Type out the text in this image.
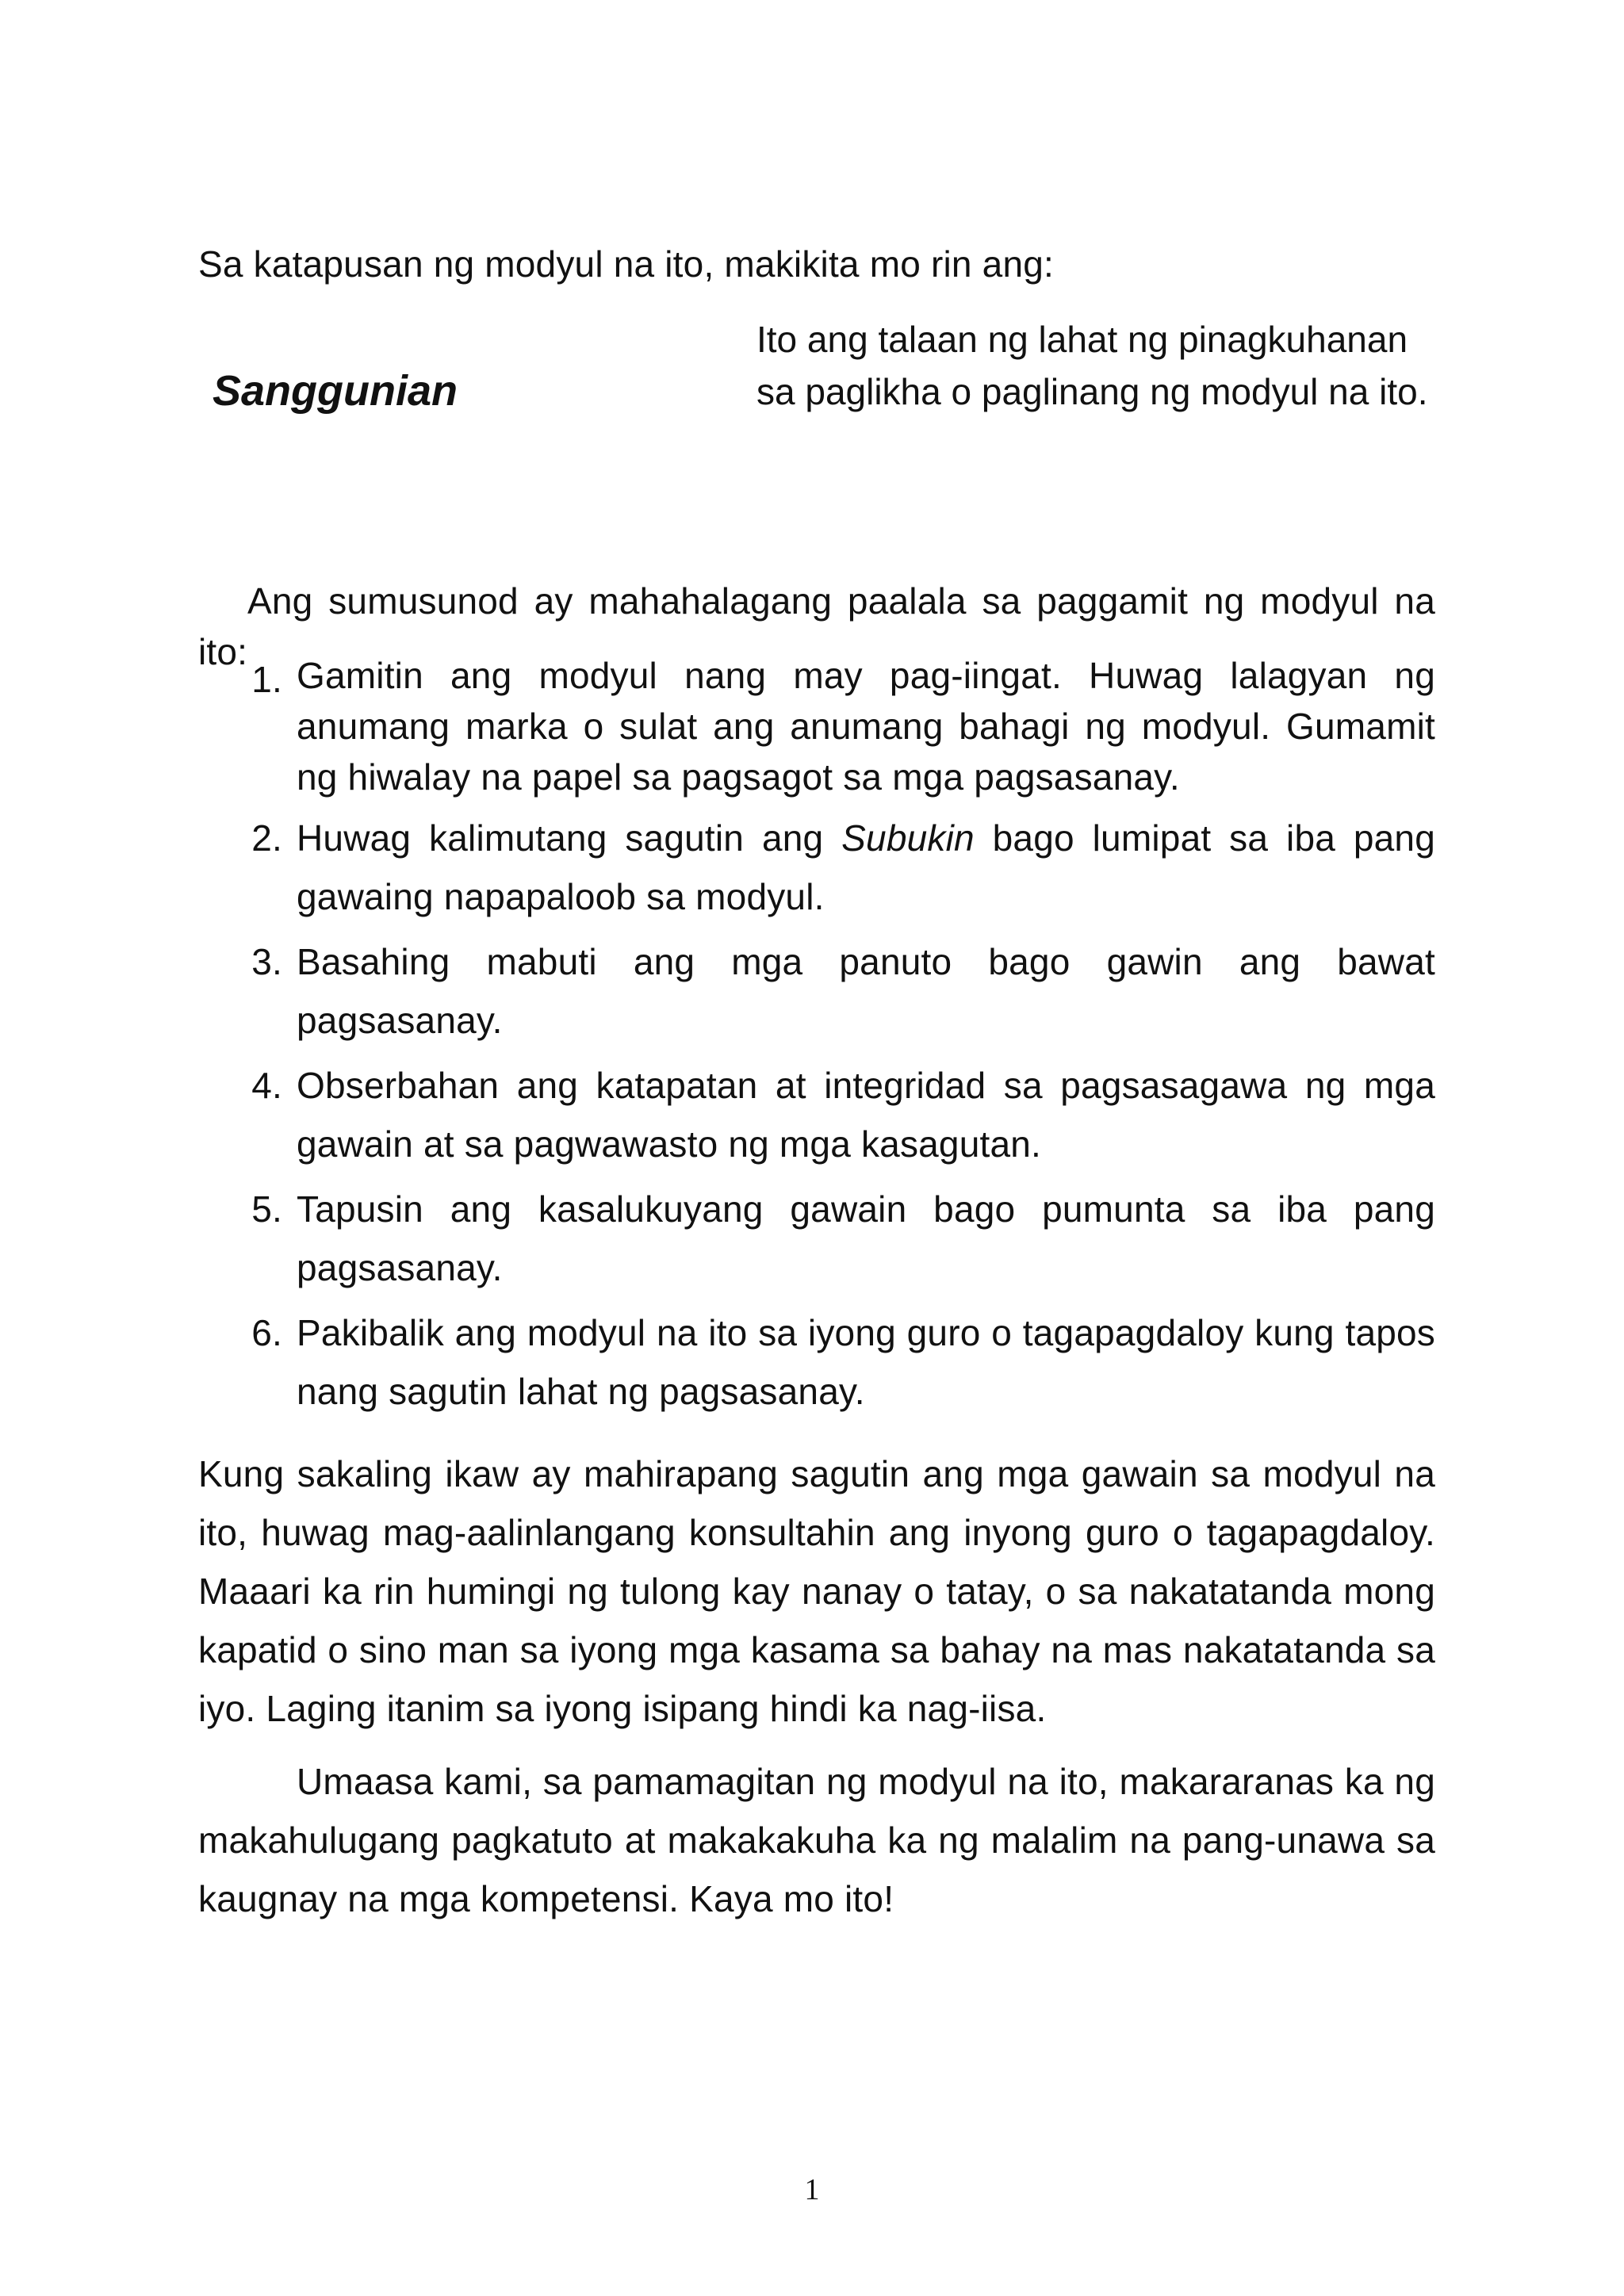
Sa katapusan ng modyul na ito, makikita mo rin ang:

Sanggunian
Ito ang talaan ng lahat ng pinagkuhanan sa paglikha o paglinang ng modyul na ito.

Ang sumusunod ay mahahalagang paalala sa paggamit ng modyul na ito:

1. Gamitin ang modyul nang may pag-iingat. Huwag lalagyan ng anumang marka o sulat ang anumang bahagi ng modyul. Gumamit ng hiwalay na papel sa pagsagot sa mga pagsasanay.
2. Huwag kalimutang sagutin ang Subukin bago lumipat sa iba pang gawaing napapaloob sa modyul.
3. Basahing mabuti ang mga panuto bago gawin ang bawat pagsasanay.
4. Obserbahan ang katapatan at integridad sa pagsasagawa ng mga gawain at sa pagwawasto ng mga kasagutan.
5. Tapusin ang kasalukuyang gawain bago pumunta sa iba pang pagsasanay.
6. Pakibalik ang modyul na ito sa iyong guro o tagapagdaloy kung tapos nang sagutin lahat ng pagsasanay.

Kung sakaling ikaw ay mahirapang sagutin ang mga gawain sa modyul na ito, huwag mag-aalinlangang konsultahin ang inyong guro o tagapagdaloy. Maaari ka rin humingi ng tulong kay nanay o tatay, o sa nakatatanda mong kapatid o sino man sa iyong mga kasama sa bahay na mas nakatatanda sa iyo. Laging itanim sa iyong isipang hindi ka nag-iisa.

Umaasa kami, sa pamamagitan ng modyul na ito, makararanas ka ng makahulugang pagkatuto at makakakuha ka ng malalim na pang-unawa sa kaugnay na mga kompetensi. Kaya mo ito!

1
